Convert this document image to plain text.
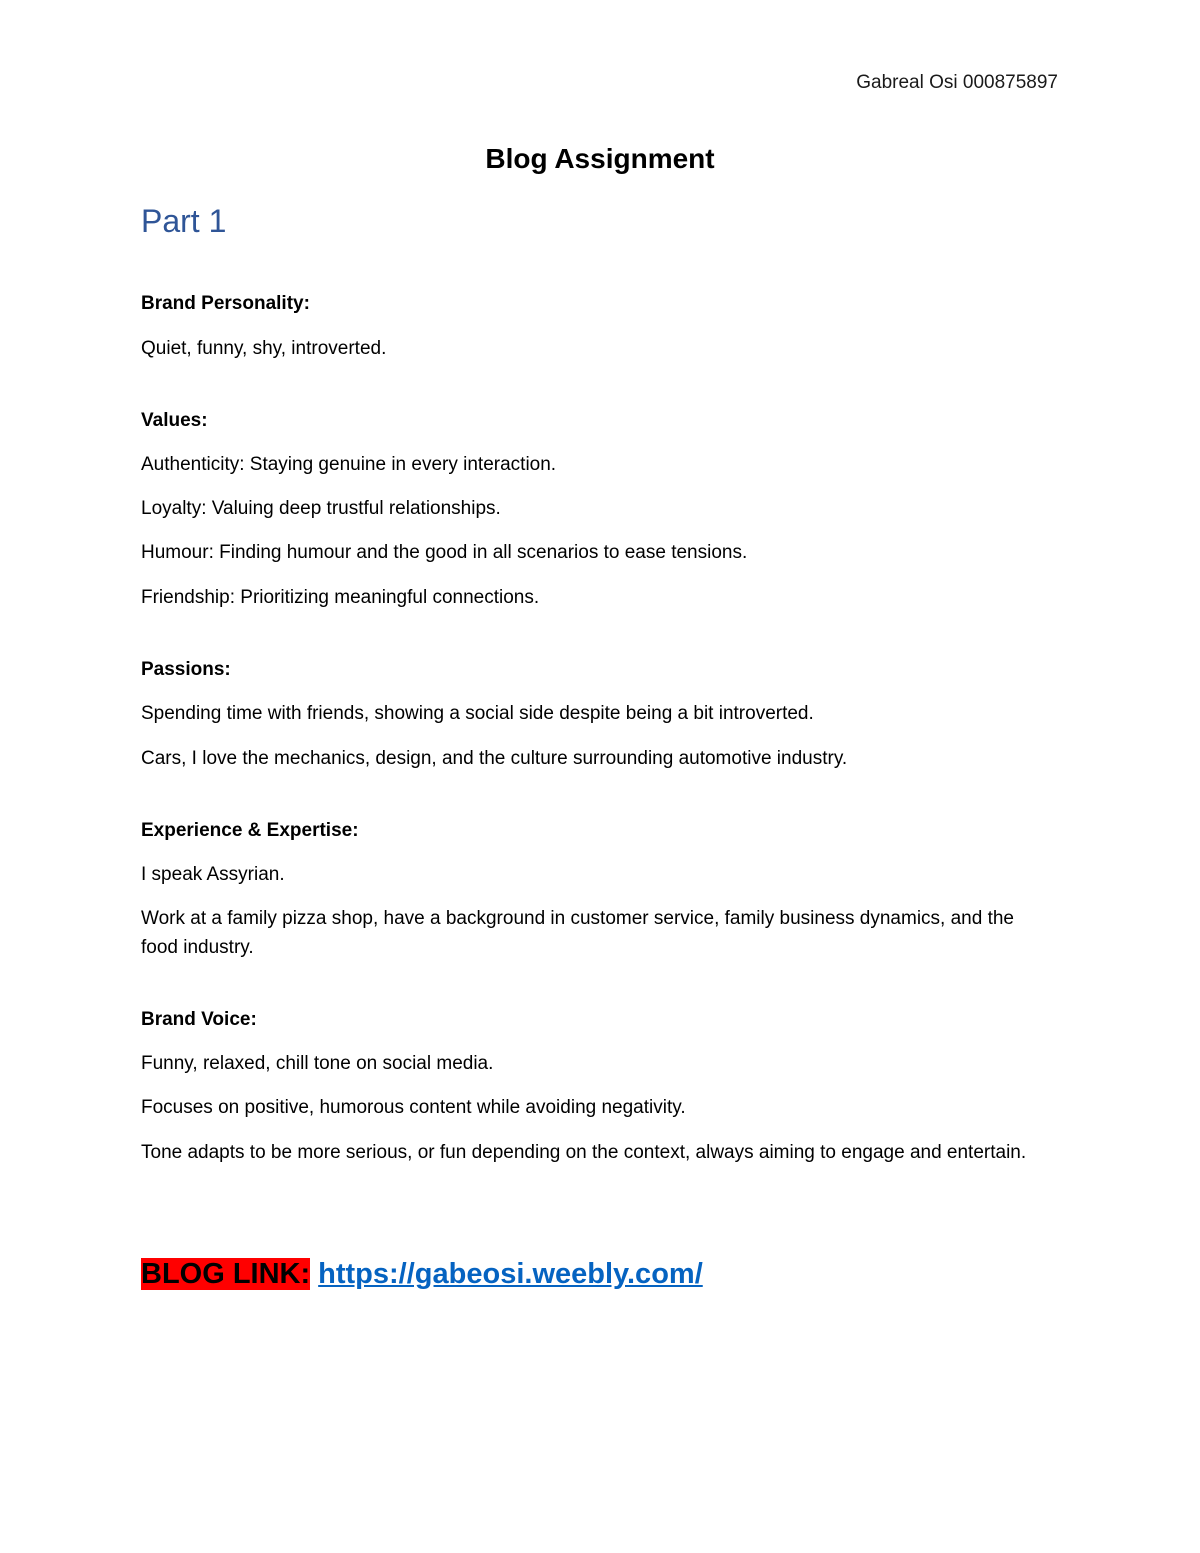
Gabreal Osi 000875897
Blog Assignment
Part 1
Brand Personality:
Quiet, funny, shy, introverted.
Values:
Authenticity: Staying genuine in every interaction.
Loyalty: Valuing deep trustful relationships.
Humour: Finding humour and the good in all scenarios to ease tensions.
Friendship: Prioritizing meaningful connections.
Passions:
Spending time with friends, showing a social side despite being a bit introverted.
Cars, I love the mechanics, design, and the culture surrounding automotive industry.
Experience & Expertise:
I speak Assyrian.
Work at a family pizza shop, have a background in customer service, family business dynamics, and the food industry.
Brand Voice:
Funny, relaxed, chill tone on social media.
Focuses on positive, humorous content while avoiding negativity.
Tone adapts to be more serious, or fun depending on the context, always aiming to engage and entertain.
BLOG LINK: https://gabeosi.weebly.com/
